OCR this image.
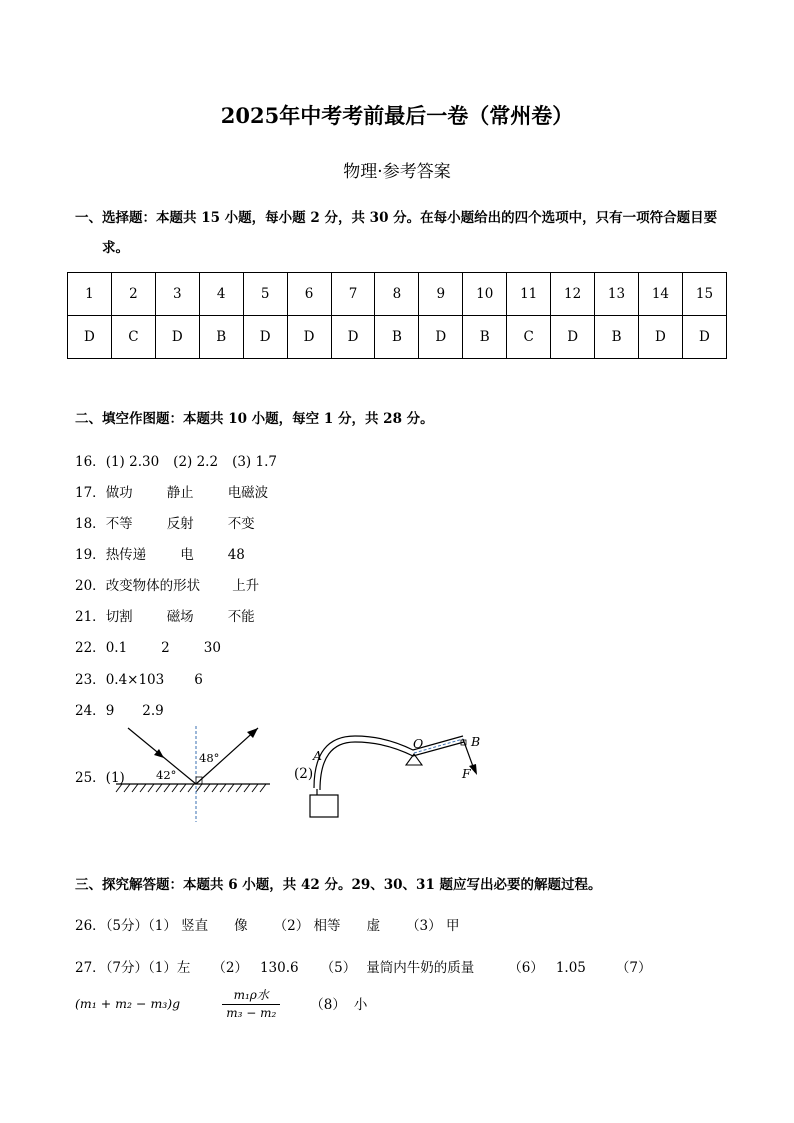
2025年中考考前最后一卷（常州卷）
物理·参考答案
一、选择题：本题共 15 小题，每小题 2 分，共 30 分。在每小题给出的四个选项中，只有一项符合题目要
求。
1	2	3	4	5	6	7	8	9	10	11	12	13	14	15
D	C	D	B	D	D	D	B	D	B	C	D	B	D	D
二、填空作图题：本题共 10 小题，每空 1 分，共 28 分。
16．(1) 2.30 (2) 2.2 (3) 1.7
17．做功	静止	电磁波
18．不等	反射	不变
19．热传递	电	48
20．改变物体的形状 上升
21．切割	磁场	不能
22．0.1	2	30
23．0.4×103 6
24．9 2.9
25．(1)	(2)
42°
48°	A
O	B
F
三、探究解答题：本题共 6 小题，共 42 分。29、30、31 题应写出必要的解题过程。
26．（5分）（1） 竖直 像 （2） 相等 虚 （3） 甲
27．（7分）（1）左 （2） 130.6 （5） 量筒内牛奶的质量	（6） 1.05 （7）
(m₁ + m₂ − m₃)g	$\frac{\text{m₁ρ水}}{\text{m₃ − m₂}} (8)$ 小
